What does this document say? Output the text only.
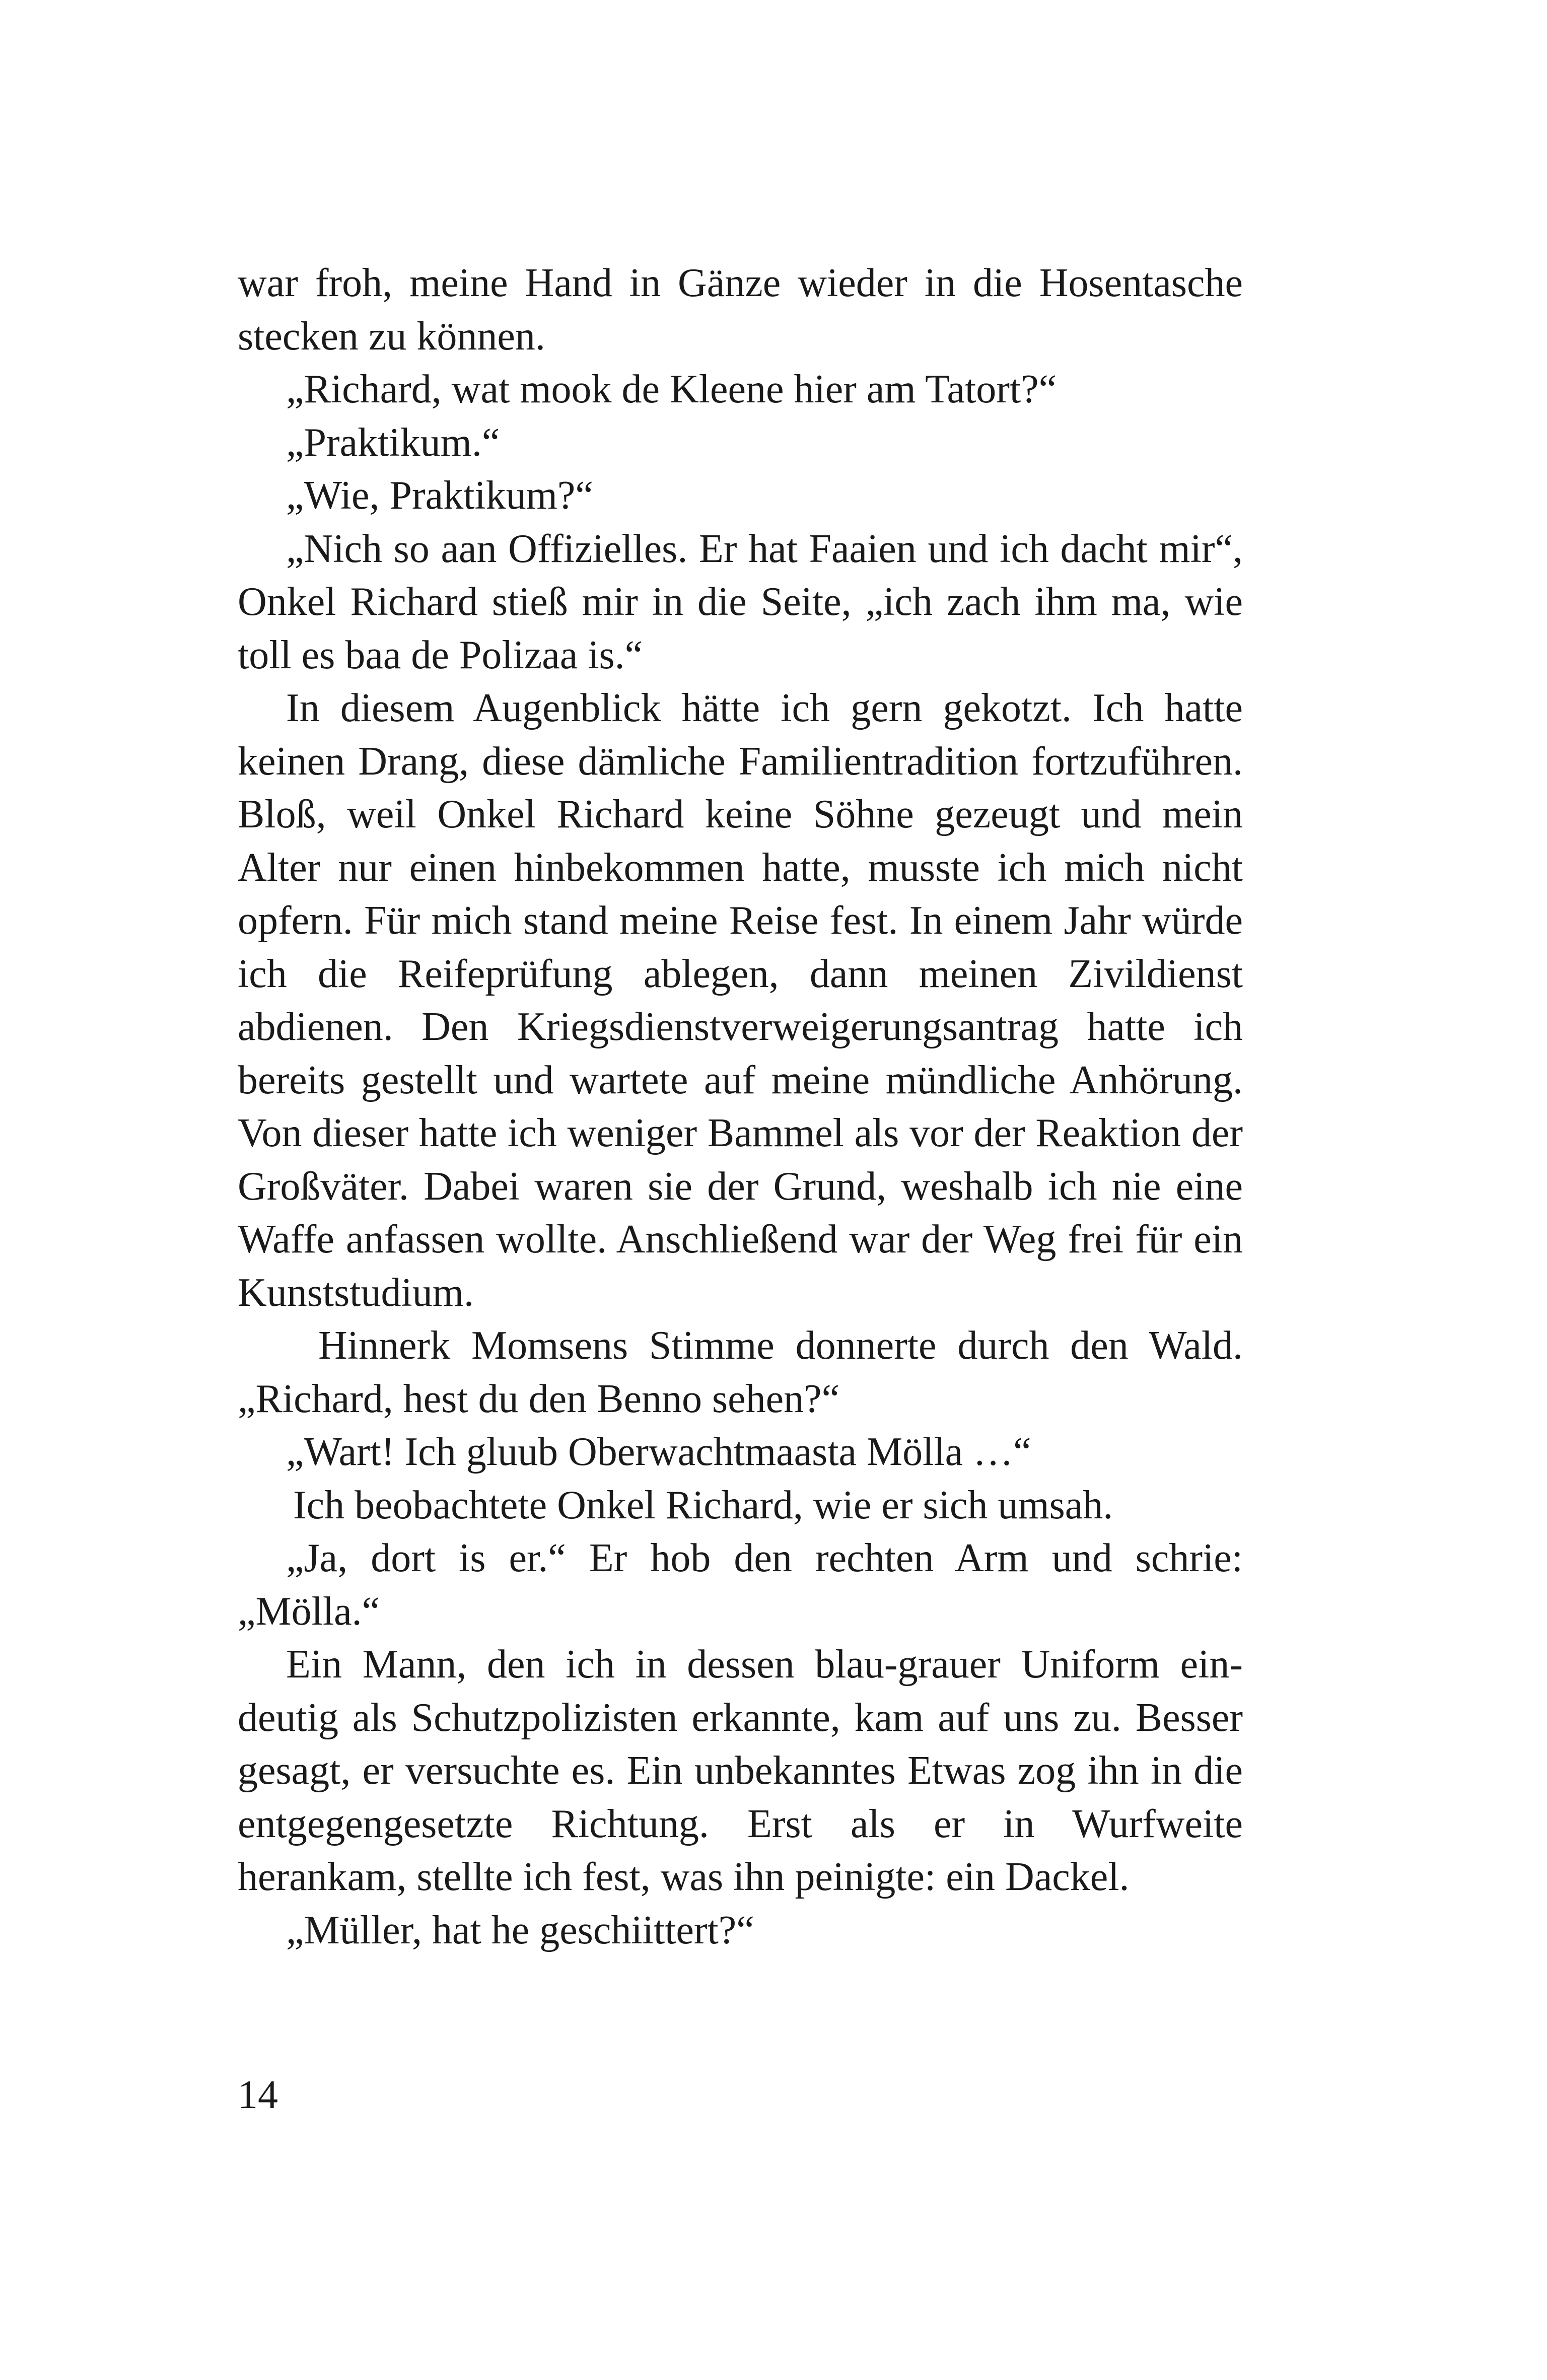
war froh, meine Hand in Gänze wieder in die Hosentasche stecken zu können.

„Richard, wat mook de Kleene hier am Tatort?“

„Praktikum.“

„Wie, Praktikum?“

„Nich so aan Offizielles. Er hat Faaien und ich dacht mir“, Onkel Richard stieß mir in die Seite, „ich zach ihm ma, wie toll es baa de Polizaa is.“

In diesem Augenblick hätte ich gern gekotzt. Ich hatte keinen Drang, diese dämliche Familientradition fortzuführen. Bloß, weil Onkel Richard keine Söhne gezeugt und mein Alter nur einen hinbekommen hatte, musste ich mich nicht opfern. Für mich stand meine Reise fest. In einem Jahr würde ich die Reifeprüfung ablegen, dann meinen Zivildienst abdienen. Den Kriegsdienstverweigerungsantrag hatte ich bereits gestellt und wartete auf meine mündliche Anhörung. Von dieser hatte ich weniger Bammel als vor der Reaktion der Großväter. Dabei waren sie der Grund, weshalb ich nie eine Waffe anfassen wollte. Anschließend war der Weg frei für ein Kunststudium.

Hinnerk Momsens Stimme donnerte durch den Wald. „Richard, hest du den Benno sehen?“

„Wart! Ich gluub Oberwachtmaasta Mölla …“

Ich beobachtete Onkel Richard, wie er sich umsah.

„Ja, dort is er.“ Er hob den rechten Arm und schrie: „Mölla.“

Ein Mann, den ich in dessen blau-grauer Uniform eindeutig als Schutzpolizisten erkannte, kam auf uns zu. Besser gesagt, er versuchte es. Ein unbekanntes Etwas zog ihn in die entgegengesetzte Richtung. Erst als er in Wurfweite herankam, stellte ich fest, was ihn peinigte: ein Dackel.

„Müller, hat he geschiittert?“

14
